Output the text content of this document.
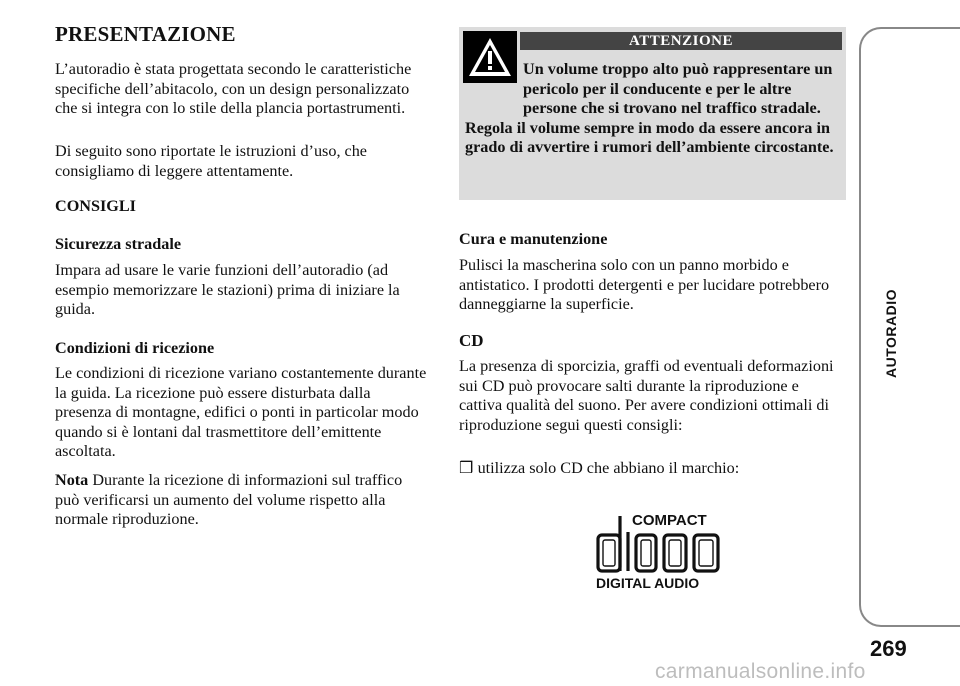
PRESENTAZIONE

L’autoradio è stata progettata secondo le caratteristiche specifiche dell’abitacolo, con un design personalizzato che si integra con lo stile della plancia portastrumenti.

Di seguito sono riportate le istruzioni d’uso, che consigliamo di leggere attentamente.

CONSIGLI
Sicurezza stradale

Impara ad usare le varie funzioni dell’autoradio (ad esempio memorizzare le stazioni) prima di iniziare la guida.

Condizioni di ricezione

Le condizioni di ricezione variano costantemente durante la guida. La ricezione può essere disturbata dalla presenza di montagne, edifici o ponti in particolar modo quando si è lontani dal trasmettitore dell’emittente ascoltata.

Nota Durante la ricezione di informazioni sul traffico può verificarsi un aumento del volume rispetto alla normale riproduzione.

ATTENZIONE
Un volume troppo alto può rappresentare un pericolo per il conducente e per le altre persone che si trovano nel traffico stradale. Regola il volume sempre in modo da essere ancora in grado di avvertire i rumori dell’ambiente circostante.
Cura e manutenzione

Pulisci la mascherina solo con un panno morbido e antistatico. I prodotti detergenti e per lucidare potrebbero danneggiarne la superficie.

CD

La presenza di sporcizia, graffi od eventuali deformazioni sui CD può provocare salti durante la riproduzione e cattiva qualità del suono. Per avere condizioni ottimali di riproduzione segui questi consigli:

❒ utilizza solo CD che abbiano il marchio:

COMPACT
DIGITAL AUDIO
AUTORADIO
269
carmanualsonline.info
